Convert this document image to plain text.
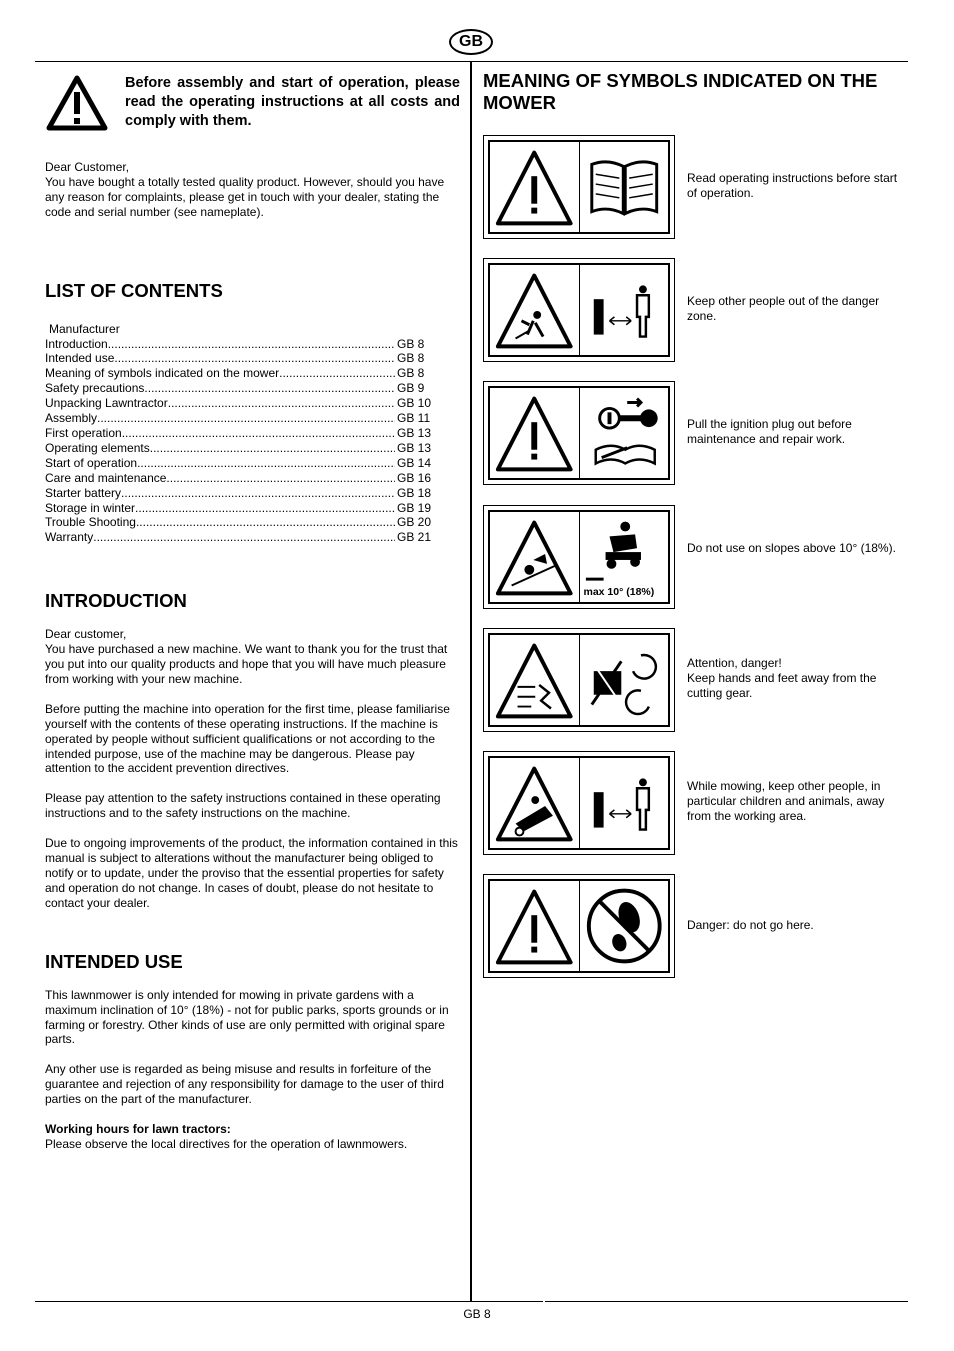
GB
GB 8
Before assembly and start of operation, please read the operating instructions at all costs and comply with them.

Dear Customer,

You have bought a totally tested quality product. However, should you have any reason for complaints, please get in touch with your dealer, stating the code and serial number (see nameplate).

LIST OF CONTENTS
Manufacturer
Introduction .....	GB 8
Intended use .....	GB 8
Meaning of symbols indicated on the mower .....	GB 8
Safety precautions .....	GB 9
Unpacking Lawntractor .....	GB 10
Assembly .....	GB 11
First operation .....	GB 13
Operating elements .....	GB 13
Start of operation .....	GB 14
Care and maintenance .....	GB 16
Starter battery .....	GB 18
Storage in winter .....	GB 19
Trouble Shooting .....	GB 20
Warranty .....	GB 21
INTRODUCTION

Dear customer,

You have purchased a new machine. We want to thank you for the trust that you put into our quality products and hope that you will have much pleasure from working with your new machine.

Before putting the machine into operation for the first time, please familiarise yourself with the contents of these operating instructions. If the machine is operated by people without sufficient qualifications or not according to the intended purpose, use of the machine may be dangerous. Please pay attention to the accident prevention directives.

Please pay attention to the safety instructions contained in these operating instructions and to the safety instructions on the machine.

Due to ongoing improvements of the product, the information contained in this manual is subject to alterations without the manufacturer being obliged to notify or to update, under the proviso that the essential properties for safety and operation do not change. In cases of doubt, please do not hesitate to contact your dealer.

INTENDED USE

This lawnmower is only intended for mowing in private gardens with a maximum inclination of 10° (18%) - not for public parks, sports grounds or in farming or forestry. Other kinds of use are only permitted with original spare parts.

Any other use is regarded as being misuse and results in forfeiture of the guarantee and rejection of any responsibility for damage to the user of third parties on the part of the manufacturer.

Working hours for lawn tractors:

Please observe the local directives for the operation of lawnmowers.

MEANING OF SYMBOLS INDICATED ON THE MOWER
Read operating instructions before start of operation.
Keep other people out of the danger zone.
Pull the ignition plug out before maintenance and repair work.
max 10° (18%)
Do not use on slopes above 10° (18%).
Attention, danger!
Keep hands and feet away from the cutting gear.
While mowing, keep other people, in particular children and animals, away from the working area.
Danger: do not go here.
